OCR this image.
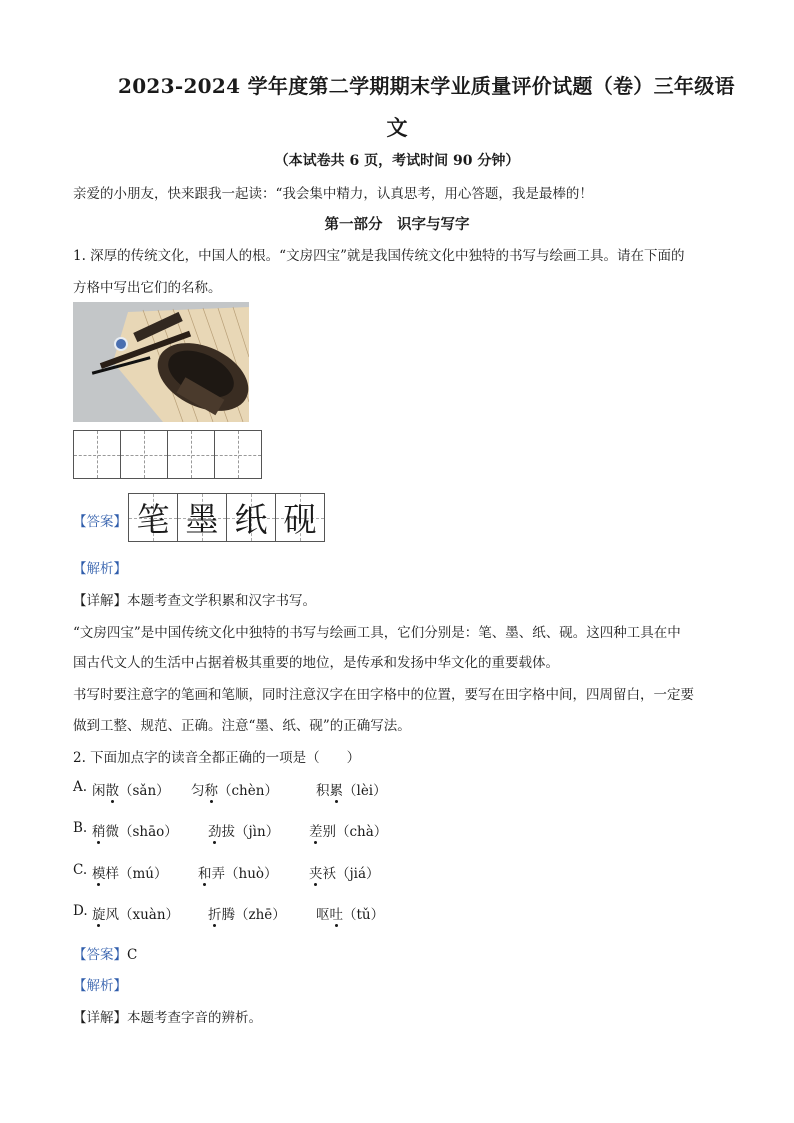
2023-2024 学年度第二学期期末学业质量评价试题（卷）三年级语
文
（本试卷共 6 页，考试时间 90 分钟）
亲爱的小朋友，快来跟我一起读：“我会集中精力，认真思考，用心答题，我是最棒的！
第一部分　识字与写字
1. 深厚的传统文化，中国人的根。“文房四宝”就是我国传统文化中独特的书写与绘画工具。请在下面的
方格中写出它们的名称。
【答案】 笔 墨 纸 砚
【解析】
【详解】本题考查文学积累和汉字书写。
“文房四宝”是中国传统文化中独特的书写与绘画工具，它们分别是：笔、墨、纸、砚。这四种工具在中
国古代文人的生活中占据着极其重要的地位，是传承和发扬中华文化的重要载体。
书写时要注意字的笔画和笔顺，同时注意汉字在田字格中的位置，要写在田字格中间，四周留白，一定要
做到工整、规范、正确。注意“墨、纸、砚”的正确写法。
2. 下面加点字的读音全都正确的一项是（　　）
A. 闲散（sǎn） 匀称（chèn）	积累（lèi）
B. 稍微（shāo） 劲拔（jìn） 差别（chà）
C. 模样（mú） 和弄（huò） 夹袄（jiá）
D. 旋风（xuàn） 折腾（zhē） 呕吐（tǔ）
【答案】C
【解析】
【详解】本题考查字音的辨析。
